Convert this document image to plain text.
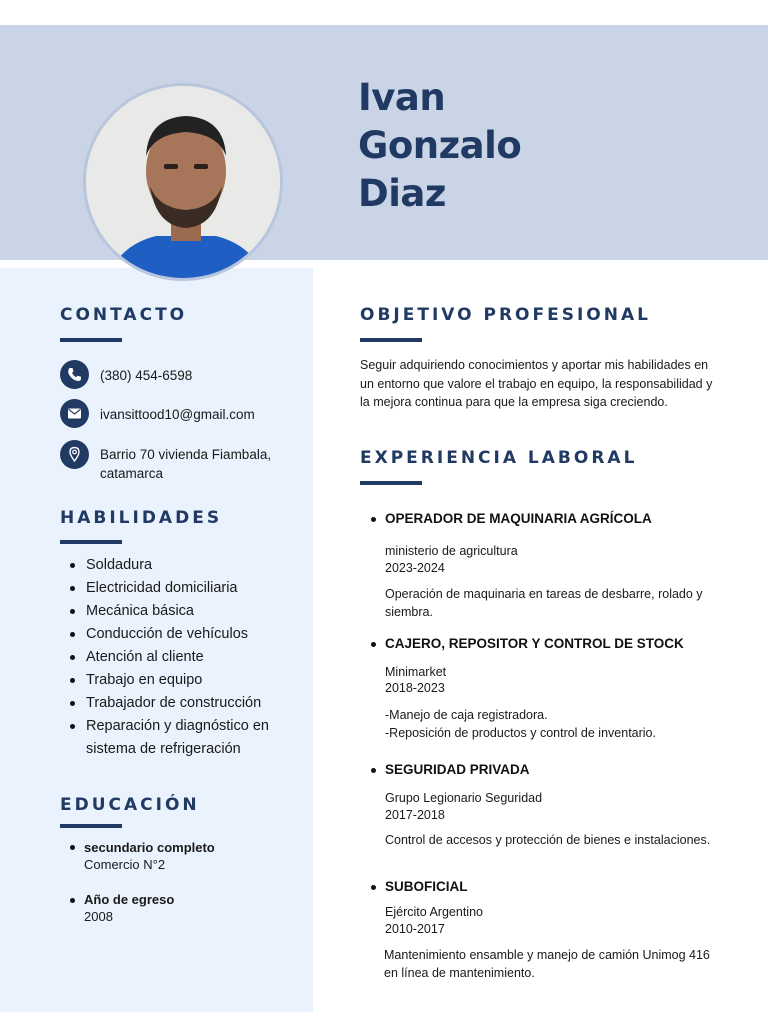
Ivan
Gonzalo
Diaz
CONTACTO
(380) 454-6598
ivansittood10@gmail.com
Barrio 70 vivienda Fiambala,
catamarca
HABILIDADES
Soldadura
Electricidad domiciliaria
Mecánica básica
Conducción de vehículos
Atención al cliente
Trabajo en equipo
Trabajador de construcción
Reparación y diagnóstico en
sistema de refrigeración
EDUCACIÓN
secundario completo
Comercio N°2
Año de egreso
2008
OBJETIVO PROFESIONAL

Seguir adquiriendo conocimientos y aportar mis habilidades en un entorno que valore el trabajo en equipo, la responsabilidad y la mejora continua para que la empresa siga creciendo.

EXPERIENCIA LABORAL
OPERADOR DE MAQUINARIA AGRÍCOLA
ministerio de agricultura
2023-2024
Operación de maquinaria en tareas de desbarre, rolado y siembra.
CAJERO, REPOSITOR Y CONTROL DE STOCK
Minimarket
2018-2023
-Manejo de caja registradora.
-Reposición de productos y control de inventario.
SEGURIDAD PRIVADA
Grupo Legionario Seguridad
2017-2018
Control de accesos y protección de bienes e instalaciones.
SUBOFICIAL
Ejército Argentino
2010-2017
Mantenimiento ensamble y manejo de camión Unimog 416 en línea de mantenimiento.
